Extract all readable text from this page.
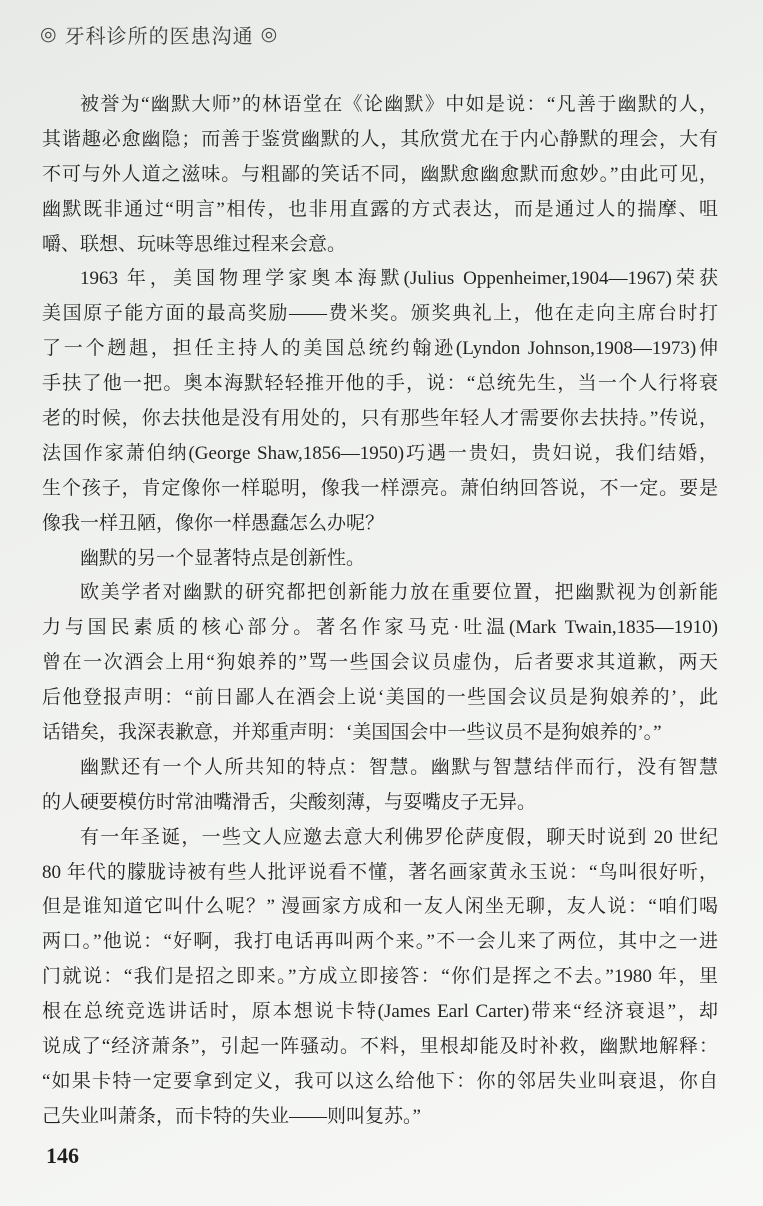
◎ 牙科诊所的医患沟通 ◎
被誉为“幽默大师”的林语堂在《论幽默》中如是说：“凡善于幽默的人，
其谐趣必愈幽隐；而善于鉴赏幽默的人，其欣赏尤在于内心静默的理会，大有
不可与外人道之滋味。与粗鄙的笑话不同，幽默愈幽愈默而愈妙。”由此可见，
幽默既非通过“明言”相传，也非用直露的方式表达，而是通过人的揣摩、咀
嚼、联想、玩味等思维过程来会意。
1963 年，美国物理学家奥本海默(Julius Oppenheimer,1904—1967)荣获
美国原子能方面的最高奖励——费米奖。颁奖典礼上，他在走向主席台时打
了一个趔趄，担任主持人的美国总统约翰逊(Lyndon Johnson,1908—1973)伸
手扶了他一把。奥本海默轻轻推开他的手，说：“总统先生，当一个人行将衰
老的时候，你去扶他是没有用处的，只有那些年轻人才需要你去扶持。”传说，
法国作家萧伯纳(George Shaw,1856—1950)巧遇一贵妇，贵妇说，我们结婚，
生个孩子，肯定像你一样聪明，像我一样漂亮。萧伯纳回答说，不一定。要是
像我一样丑陋，像你一样愚蠢怎么办呢？
幽默的另一个显著特点是创新性。
欧美学者对幽默的研究都把创新能力放在重要位置，把幽默视为创新能
力与国民素质的核心部分。著名作家马克·吐温(Mark Twain,1835—1910)
曾在一次酒会上用“狗娘养的”骂一些国会议员虚伪，后者要求其道歉，两天
后他登报声明：“前日鄙人在酒会上说‘美国的一些国会议员是狗娘养的’，此
话错矣，我深表歉意，并郑重声明：‘美国国会中一些议员不是狗娘养的’。”
幽默还有一个人所共知的特点：智慧。幽默与智慧结伴而行，没有智慧
的人硬要模仿时常油嘴滑舌，尖酸刻薄，与耍嘴皮子无异。
有一年圣诞，一些文人应邀去意大利佛罗伦萨度假，聊天时说到 20 世纪
80 年代的朦胧诗被有些人批评说看不懂，著名画家黄永玉说：“鸟叫很好听，
但是谁知道它叫什么呢？” 漫画家方成和一友人闲坐无聊，友人说：“咱们喝
两口。”他说：“好啊，我打电话再叫两个来。”不一会儿来了两位，其中之一进
门就说：“我们是招之即来。”方成立即接答：“你们是挥之不去。”1980 年，里
根在总统竞选讲话时，原本想说卡特(James Earl Carter)带来“经济衰退”，却
说成了“经济萧条”，引起一阵骚动。不料，里根却能及时补救，幽默地解释：
“如果卡特一定要拿到定义，我可以这么给他下：你的邻居失业叫衰退，你自
己失业叫萧条，而卡特的失业——则叫复苏。”
146
